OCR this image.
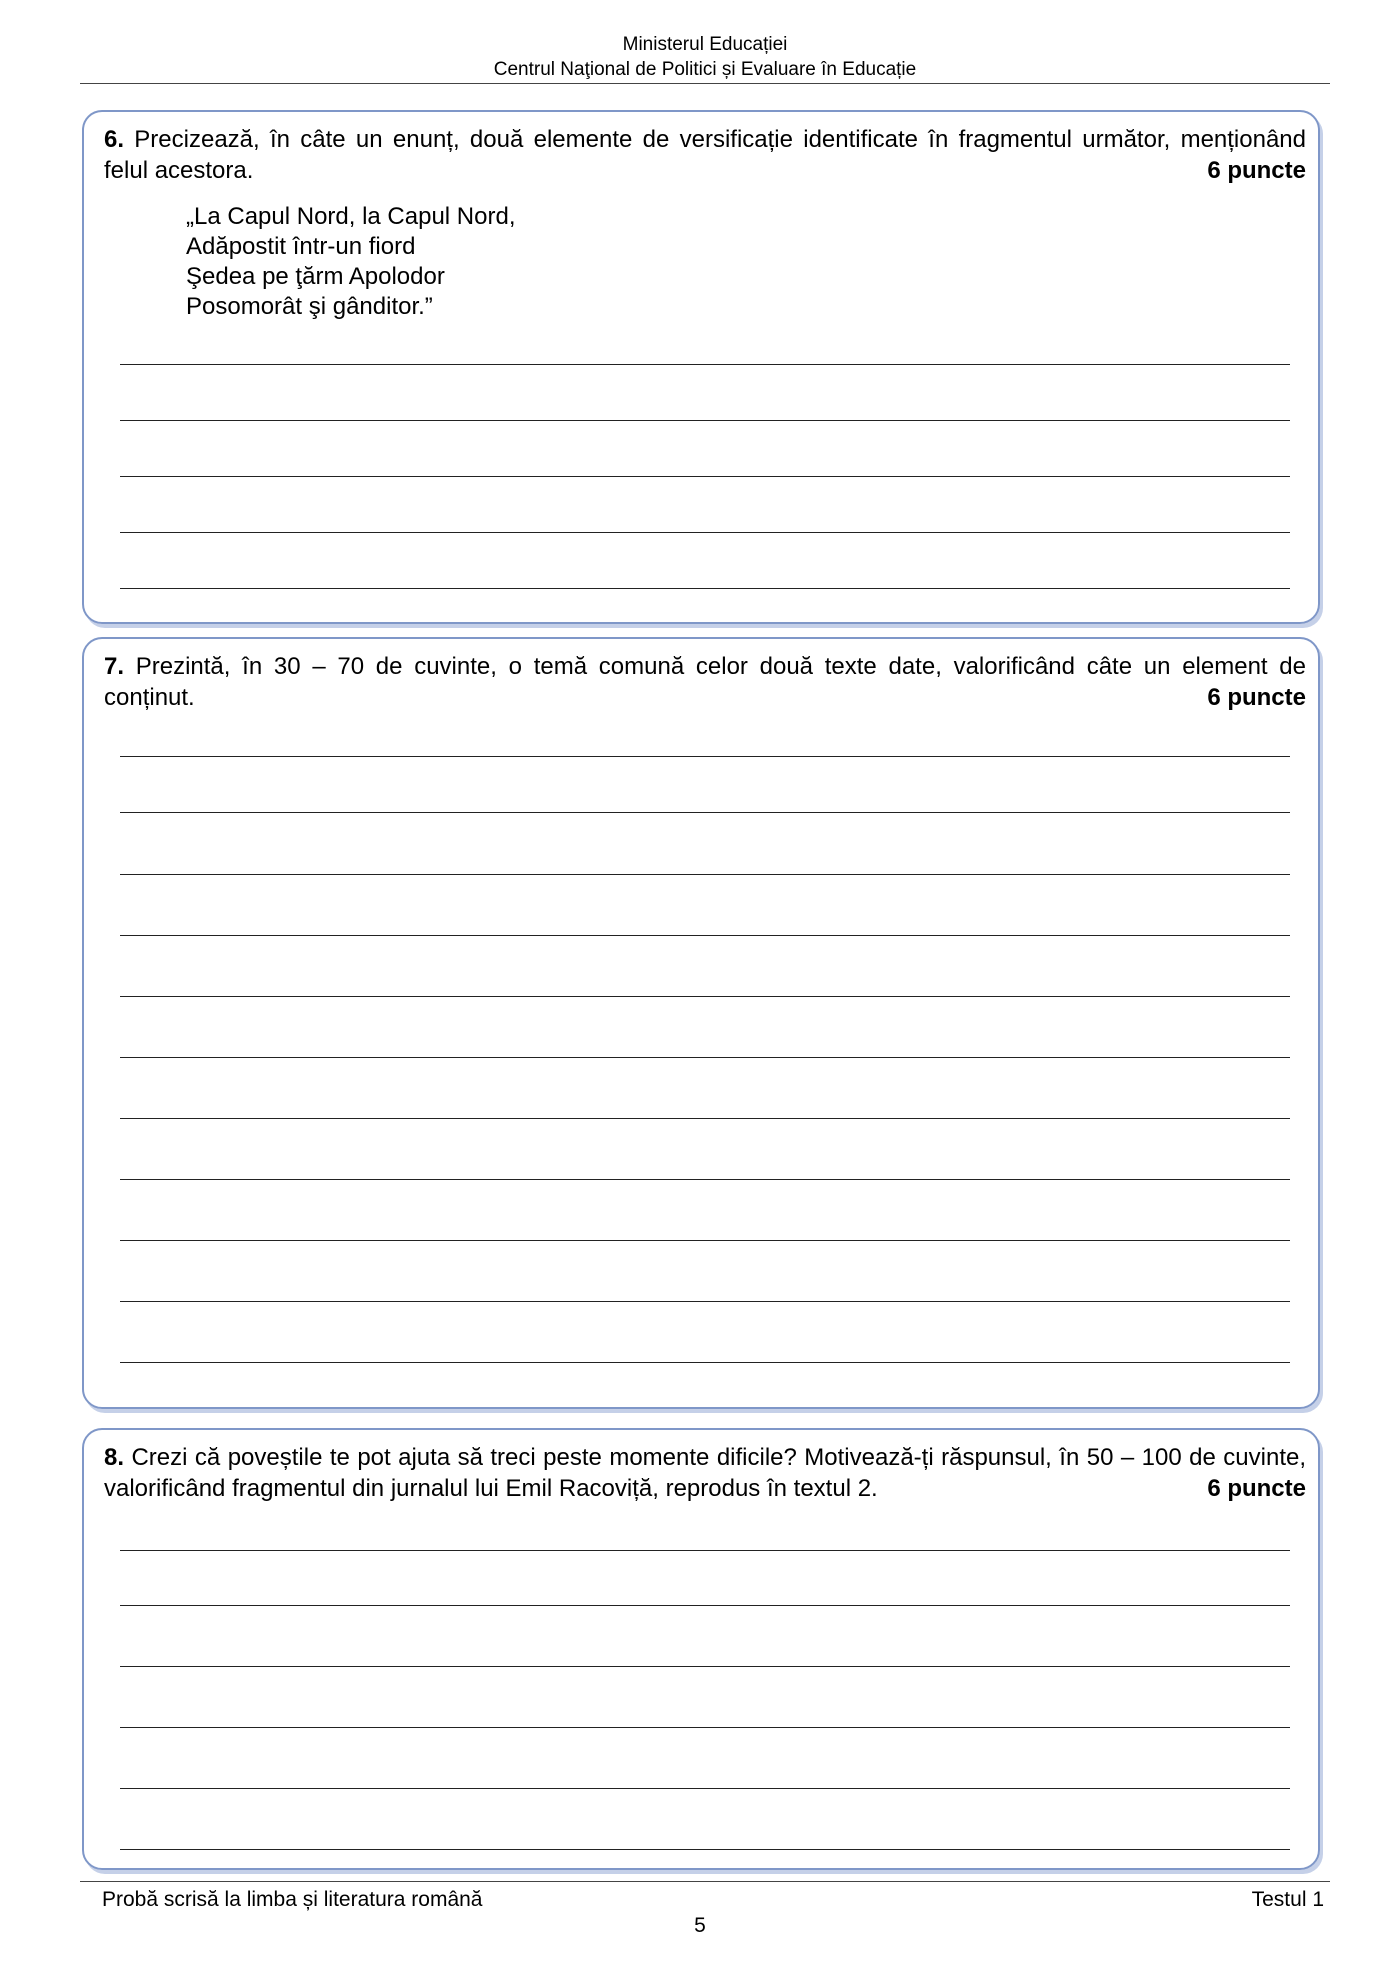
Ministerul Educației
Centrul Naţional de Politici și Evaluare în Educație
6. Precizează, în câte un enunț, două elemente de versificație identificate în fragmentul următor, menționând felul acestora.	6 puncte
„La Capul Nord, la Capul Nord,
Adăpostit într-un fiord
Şedea pe ţărm Apolodor
Posomorât şi gânditor.”
7. Prezintă, în 30 – 70 de cuvinte, o temă comună celor două texte date, valorificând câte un element de conținut.	6 puncte
8. Crezi că poveștile te pot ajuta să treci peste momente dificile? Motivează-ți răspunsul, în 50 – 100 de cuvinte, valorificând fragmentul din jurnalul lui Emil Racoviță, reprodus în textul 2.	6 puncte
Probă scrisă la limba și literatura română	Testul 1
5
